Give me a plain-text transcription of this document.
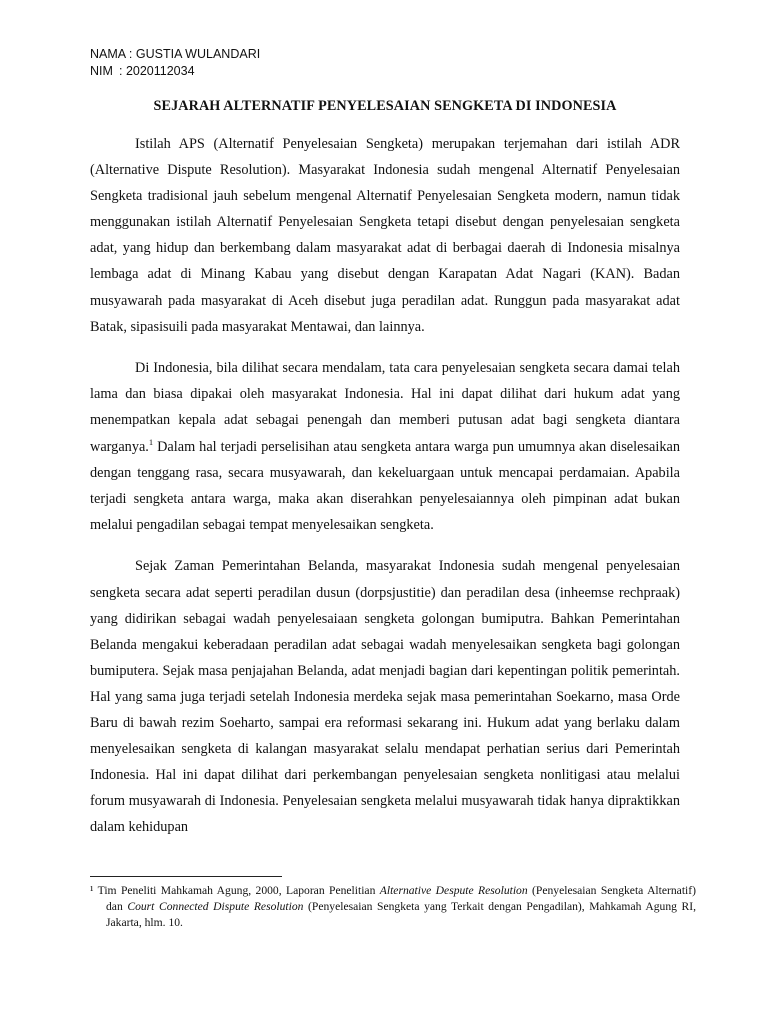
NAMA : GUSTIA WULANDARI
NIM : 2020112034
SEJARAH ALTERNATIF PENYELESAIAN SENGKETA DI INDONESIA

Istilah APS (Alternatif Penyelesaian Sengketa) merupakan terjemahan dari istilah ADR (Alternative Dispute Resolution). Masyarakat Indonesia sudah mengenal Alternatif Penyelesaian Sengketa tradisional jauh sebelum mengenal Alternatif Penyelesaian Sengketa modern, namun tidak menggunakan istilah Alternatif Penyelesaian Sengketa tetapi disebut dengan penyelesaian sengketa adat, yang hidup dan berkembang dalam masyarakat adat di berbagai daerah di Indonesia misalnya lembaga adat di Minang Kabau yang disebut dengan Karapatan Adat Nagari (KAN). Badan musyawarah pada masyarakat di Aceh disebut juga peradilan adat. Runggun pada masyarakat adat Batak, sipasisuili pada masyarakat Mentawai, dan lainnya.

Di Indonesia, bila dilihat secara mendalam, tata cara penyelesaian sengketa secara damai telah lama dan biasa dipakai oleh masyarakat Indonesia. Hal ini dapat dilihat dari hukum adat yang menempatkan kepala adat sebagai penengah dan memberi putusan adat bagi sengketa diantara warganya.$^1$ Dalam hal terjadi perselisihan atau sengketa antara warga pun umumnya akan diselesaikan dengan tenggang rasa, secara musyawarah, dan kekeluargaan untuk mencapai perdamaian. Apabila terjadi sengketa antara warga, maka akan diserahkan penyelesaiannya oleh pimpinan adat bukan melalui pengadilan sebagai tempat menyelesaikan sengketa.

Sejak Zaman Pemerintahan Belanda, masyarakat Indonesia sudah mengenal penyelesaian sengketa secara adat seperti peradilan dusun (dorpsjustitie) dan peradilan desa (inheemse rechpraak) yang didirikan sebagai wadah penyelesaiaan sengketa golongan bumiputra. Bahkan Pemerintahan Belanda mengakui keberadaan peradilan adat sebagai wadah menyelesaikan sengketa bagi golongan bumiputera. Sejak masa penjajahan Belanda, adat menjadi bagian dari kepentingan politik pemerintah. Hal yang sama juga terjadi setelah Indonesia merdeka sejak masa pemerintahan Soekarno, masa Orde Baru di bawah rezim Soeharto, sampai era reformasi sekarang ini. Hukum adat yang berlaku dalam menyelesaikan sengketa di kalangan masyarakat selalu mendapat perhatian serius dari Pemerintah Indonesia. Hal ini dapat dilihat dari perkembangan penyelesaian sengketa nonlitigasi atau melalui forum musyawarah di Indonesia. Penyelesaian sengketa melalui musyawarah tidak hanya dipraktikkan dalam kehidupan

¹ Tim Peneliti Mahkamah Agung, 2000, Laporan Penelitian Alternative Despute Resolution (Penyelesaian Sengketa Alternatif) dan Court Connected Dispute Resolution (Penyelesaian Sengketa yang Terkait dengan Pengadilan), Mahkamah Agung RI, Jakarta, hlm. 10.
